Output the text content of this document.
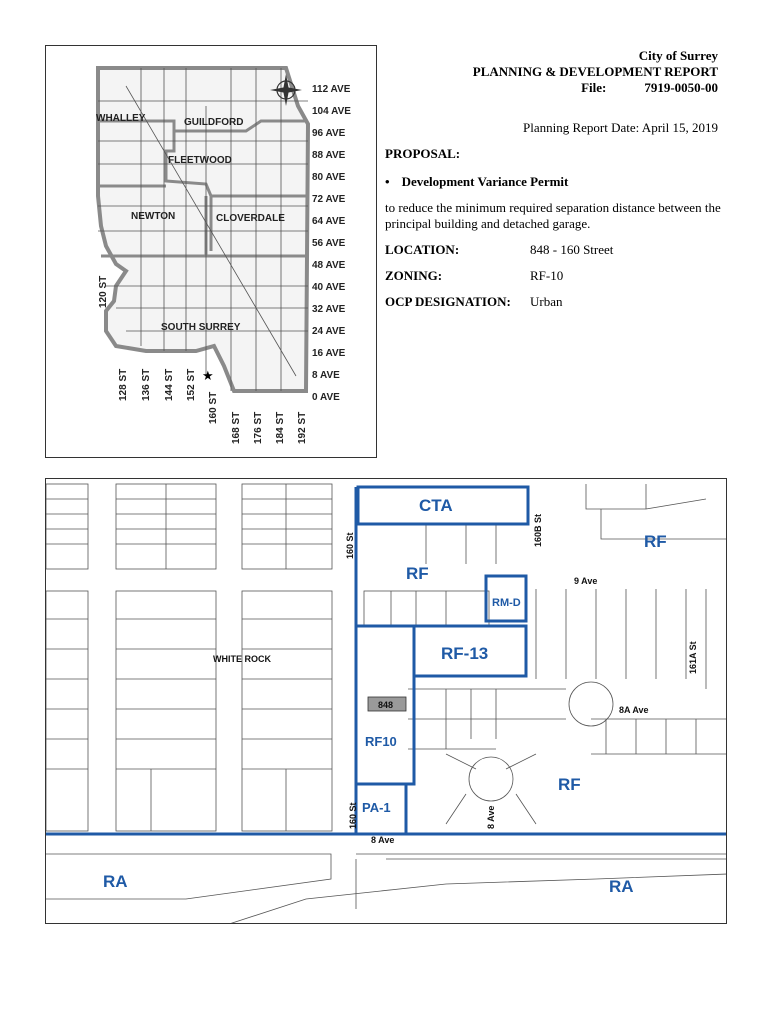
★
WHALLEY	GUILDFORD
FLEETWOOD
NEWTON	CLOVERDALE
SOUTH SURREY
112 AVE
104 AVE
96 AVE
88 AVE
80 AVE
72 AVE
64 AVE
56 AVE
48 AVE
40 AVE
32 AVE
24 AVE
16 AVE
8 AVE
0 AVE
120 ST
128 ST 136 ST 144 ST 152 ST
160 ST
168 ST 176 ST 184 ST 192 ST
City of Surrey
PLANNING & DEVELOPMENT REPORT
File:	7919-0050-00
Planning Report Date: April 15, 2019
PROPOSAL:
• Development Variance Permit
to reduce the minimum required separation distance between the principal building and detached garage.
LOCATION:	848 - 160 Street
ZONING:	RF-10
OCP DESIGNATION:	Urban
CTA
RF
RM-D
RF-13
RF10
PA-1
RF
RA	RA
RF
WHITE ROCK
160 St	160B St
9 Ave
161A St
8A Ave
8 Ave
160 St
8 Ave
848
